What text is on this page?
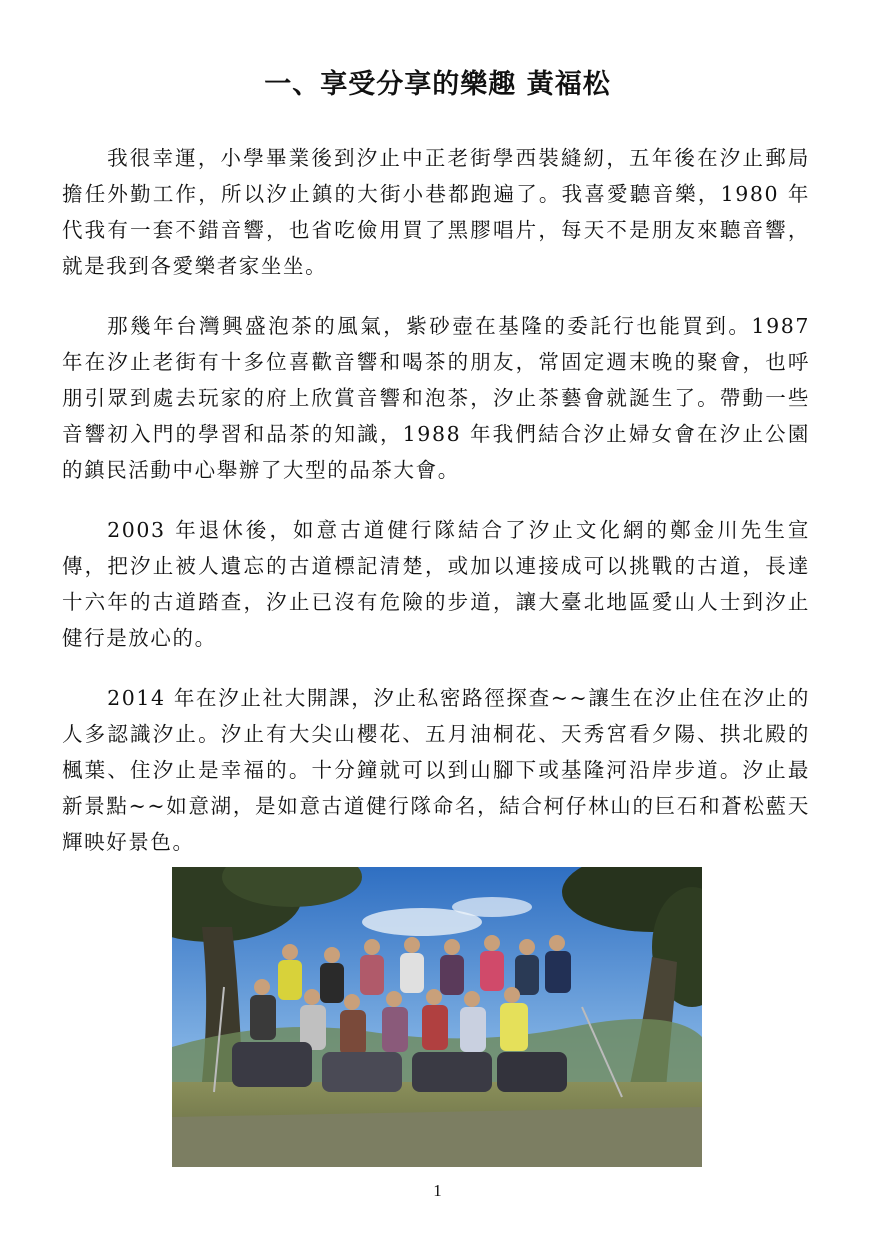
一、享受分享的樂趣 黃福松

我很幸運，小學畢業後到汐止中正老街學西裝縫紉，五年後在汐止郵局擔任外勤工作，所以汐止鎮的大街小巷都跑遍了。我喜愛聽音樂，1980 年代我有一套不錯音響，也省吃儉用買了黑膠唱片，每天不是朋友來聽音響，就是我到各愛樂者家坐坐。

那幾年台灣興盛泡茶的風氣，紫砂壺在基隆的委託行也能買到。1987 年在汐止老街有十多位喜歡音響和喝茶的朋友，常固定週末晚的聚會，也呼朋引眾到處去玩家的府上欣賞音響和泡茶，汐止茶藝會就誕生了。帶動一些音響初入門的學習和品茶的知識，1988 年我們結合汐止婦女會在汐止公園的鎮民活動中心舉辦了大型的品茶大會。

2003 年退休後，如意古道健行隊結合了汐止文化網的鄭金川先生宣傳，把汐止被人遺忘的古道標記清楚，或加以連接成可以挑戰的古道，長達十六年的古道踏查，汐止已沒有危險的步道，讓大臺北地區愛山人士到汐止健行是放心的。

2014 年在汐止社大開課，汐止私密路徑探查~~讓生在汐止住在汐止的人多認識汐止。汐止有大尖山櫻花、五月油桐花、天秀宮看夕陽、拱北殿的楓葉、住汐止是幸福的。十分鐘就可以到山腳下或基隆河沿岸步道。汐止最新景點~~如意湖，是如意古道健行隊命名，結合柯仔林山的巨石和蒼松藍天輝映好景色。

1
